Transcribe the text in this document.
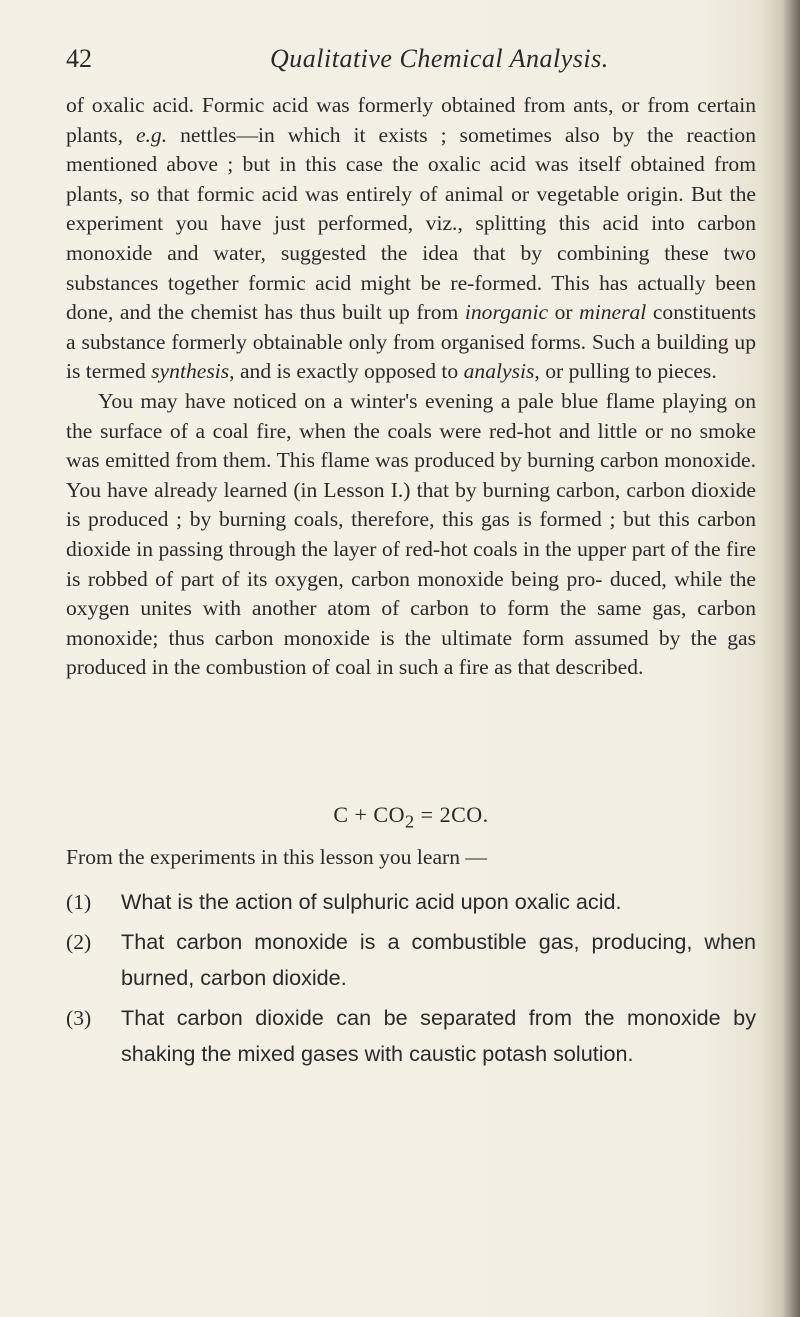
42	Qualitative Chemical Analysis.

of oxalic acid. Formic acid was formerly obtained from ants, or from certain plants, e.g. nettles—in which it exists ; sometimes also by the reaction mentioned above ; but in this case the oxalic acid was itself obtained from plants, so that formic acid was entirely of animal or vegetable origin. But the experiment you have just performed, viz., splitting this acid into carbon monoxide and water, suggested the idea that by combining these two substances together formic acid might be re-formed. This has actually been done, and the chemist has thus built up from inorganic or mineral constituents a substance formerly obtainable only from organised forms. Such a building up is termed synthesis, and is exactly opposed to analysis, or pulling to pieces.

You may have noticed on a winter's evening a pale blue flame playing on the surface of a coal fire, when the coals were red-hot and little or no smoke was emitted from them. This flame was produced by burning carbon monoxide. You have already learned (in Lesson I.) that by burning carbon, carbon dioxide is produced ; by burning coals, therefore, this gas is formed ; but this carbon dioxide in passing through the layer of red-hot coals in the upper part of the fire is robbed of part of its oxygen, carbon monoxide being pro- duced, while the oxygen unites with another atom of carbon to form the same gas, carbon monoxide; thus carbon monoxide is the ultimate form assumed by the gas produced in the combustion of coal in such a fire as that described.

$C + CO_2 = 2CO$.
From the experiments in this lesson you learn —
(1) What is the action of sulphuric acid upon oxalic acid.
(2) That carbon monoxide is a combustible gas, producing, when burned, carbon dioxide.
(3) That carbon dioxide can be separated from the monoxide by shaking the mixed gases with caustic potash solution.
